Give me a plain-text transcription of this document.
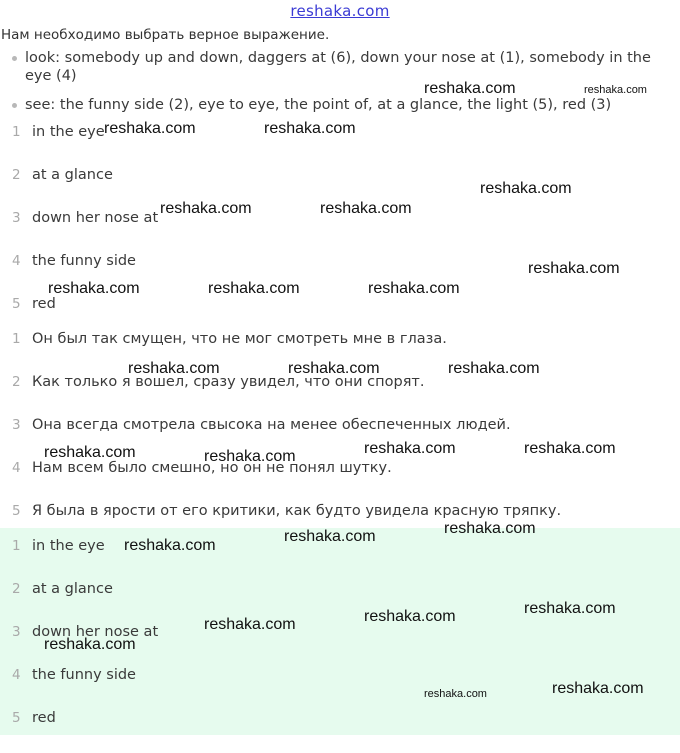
reshaka.com
Нам необходимо выбрать верное выражение.
look: somebody up and down, daggers at (6), down your nose at (1), somebody in the eye (4)
see: the funny side (2), eye to eye, the point of, at a glance, the light (5), red (3)
1 in the eye
2 at a glance
3 down her nose at
4 the funny side
5 red
1 Он был так смущен, что не мог смотреть мне в глаза.
2 Как только я вошел, сразу увидел, что они спорят.
3 Она всегда смотрела свысока на менее обеспеченных людей.
4 Нам всем было смешно, но он не понял шутку.
5 Я была в ярости от его критики, как будто увидела красную тряпку.
1 in the eye
2 at a glance
3 down her nose at
4 the funny side
5 red
reshaka.com	reshaka.com
reshaka.com	reshaka.com
reshaka.com
reshaka.com	reshaka.com
reshaka.com
reshaka.com	reshaka.com	reshaka.com
reshaka.com	reshaka.com	reshaka.com
reshaka.com	reshaka.com	reshaka.com	reshaka.com
reshaka.com
reshaka.com
reshaka.com
reshaka.com
reshaka.com
reshaka.com
reshaka.com
reshaka.com
reshaka.com
